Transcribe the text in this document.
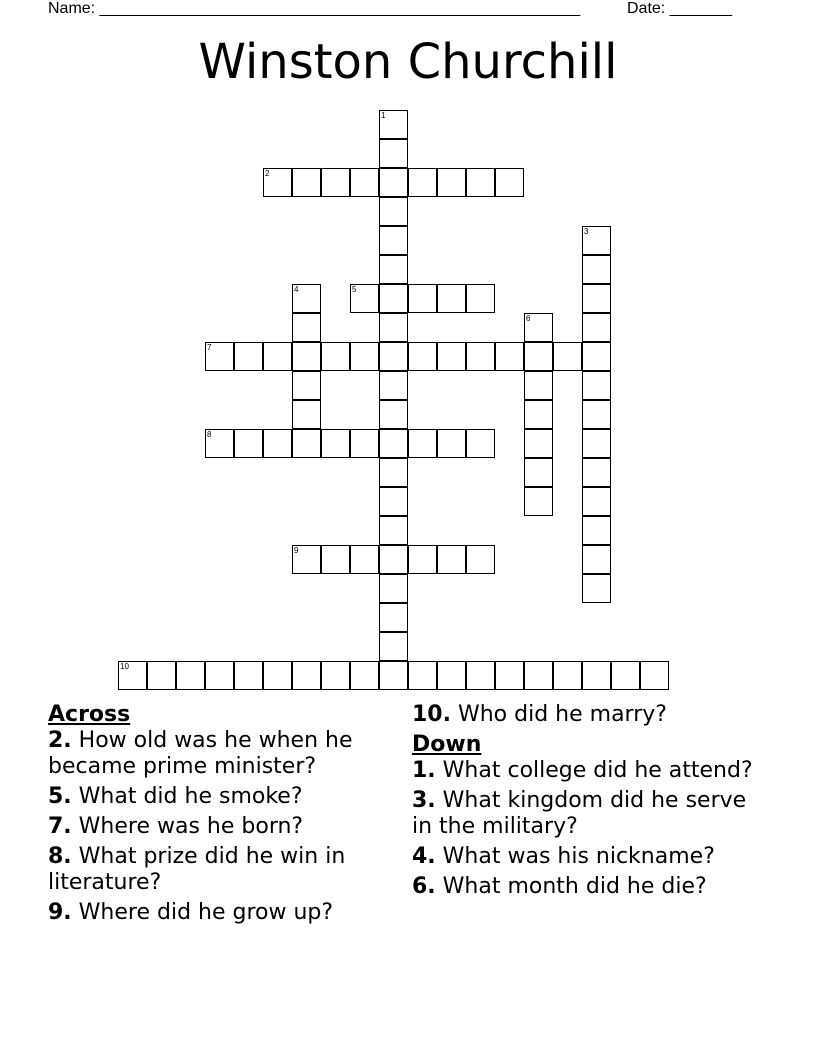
Name: ______________________________________________________	Date: _______
Winston Churchill
1
2
3
4	5
6
7
8
9
10
Across
2. How old was he when he became prime minister?
5. What did he smoke?
7. Where was he born?
8. What prize did he win in literature?
9. Where did he grow up?
10. Who did he marry?
Down
1. What college did he attend?
3. What kingdom did he serve in the military?
4. What was his nickname?
6. What month did he die?
